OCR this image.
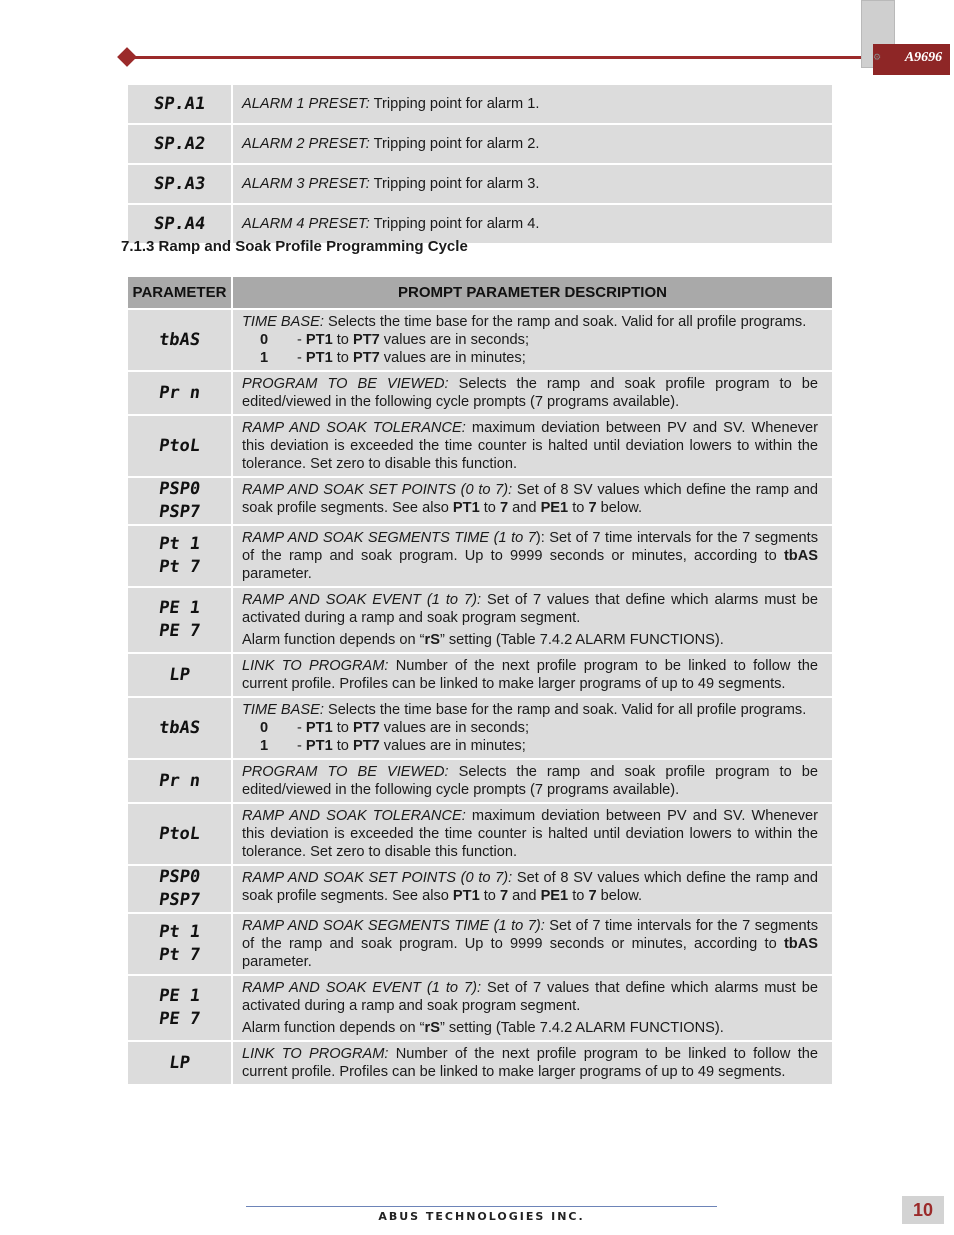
A9696
⚙
SP.A1	ALARM 1 PRESET: Tripping point for alarm 1.

SP.A2	ALARM 2 PRESET: Tripping point for alarm 2.

SP.A3	ALARM 3 PRESET: Tripping point for alarm 3.

SP.A4	ALARM 4 PRESET: Tripping point for alarm 4.
7.1.3 Ramp and Soak Profile Programming Cycle
PARAMETER	PROMPT PARAMETER DESCRIPTION

tbAS	TIME BASE: Selects the time base for the ramp and soak. Valid for all profile programs.
0 - PT1 to PT7 values are in seconds;
1 - PT1 to PT7 values are in minutes;

Pr n	PROGRAM TO BE VIEWED: Selects the ramp and soak profile program to be edited/viewed in the following cycle prompts (7 programs available).

PtoL	RAMP AND SOAK TOLERANCE: maximum deviation between PV and SV. Whenever this deviation is exceeded the time counter is halted until deviation lowers to within the tolerance. Set zero to disable this function.

PSP0
PSP7	RAMP AND SOAK SET POINTS (0 to 7): Set of 8 SV values which define the ramp and soak profile segments. See also PT1 to 7 and PE1 to 7 below.

Pt 1
Pt 7	RAMP AND SOAK SEGMENTS TIME (1 to 7): Set of 7 time intervals for the 7 segments of the ramp and soak program. Up to 9999 seconds or minutes, according to tbAS parameter.

PE 1
PE 7	RAMP AND SOAK EVENT (1 to 7): Set of 7 values that define which alarms must be activated during a ramp and soak program segment.
Alarm function depends on “rS” setting (Table 7.4.2 ALARM FUNCTIONS).

LP	LINK TO PROGRAM: Number of the next profile program to be linked to follow the current profile. Profiles can be linked to make larger programs of up to 49 segments.

tbAS	TIME BASE: Selects the time base for the ramp and soak. Valid for all profile programs.
0 - PT1 to PT7 values are in seconds;
1 - PT1 to PT7 values are in minutes;

Pr n	PROGRAM TO BE VIEWED: Selects the ramp and soak profile program to be edited/viewed in the following cycle prompts (7 programs available).

PtoL	RAMP AND SOAK TOLERANCE: maximum deviation between PV and SV. Whenever this deviation is exceeded the time counter is halted until deviation lowers to within the tolerance. Set zero to disable this function.

PSP0
PSP7	RAMP AND SOAK SET POINTS (0 to 7): Set of 8 SV values which define the ramp and soak profile segments. See also PT1 to 7 and PE1 to 7 below.

Pt 1
Pt 7	RAMP AND SOAK SEGMENTS TIME (1 to 7): Set of 7 time intervals for the 7 segments of the ramp and soak program. Up to 9999 seconds or minutes, according to tbAS parameter.

PE 1
PE 7	RAMP AND SOAK EVENT (1 to 7): Set of 7 values that define which alarms must be activated during a ramp and soak program segment.
Alarm function depends on “rS” setting (Table 7.4.2 ALARM FUNCTIONS).

LP	LINK TO PROGRAM: Number of the next profile program to be linked to follow the current profile. Profiles can be linked to make larger programs of up to 49 segments.
ABUS TECHNOLOGIES INC.	10
